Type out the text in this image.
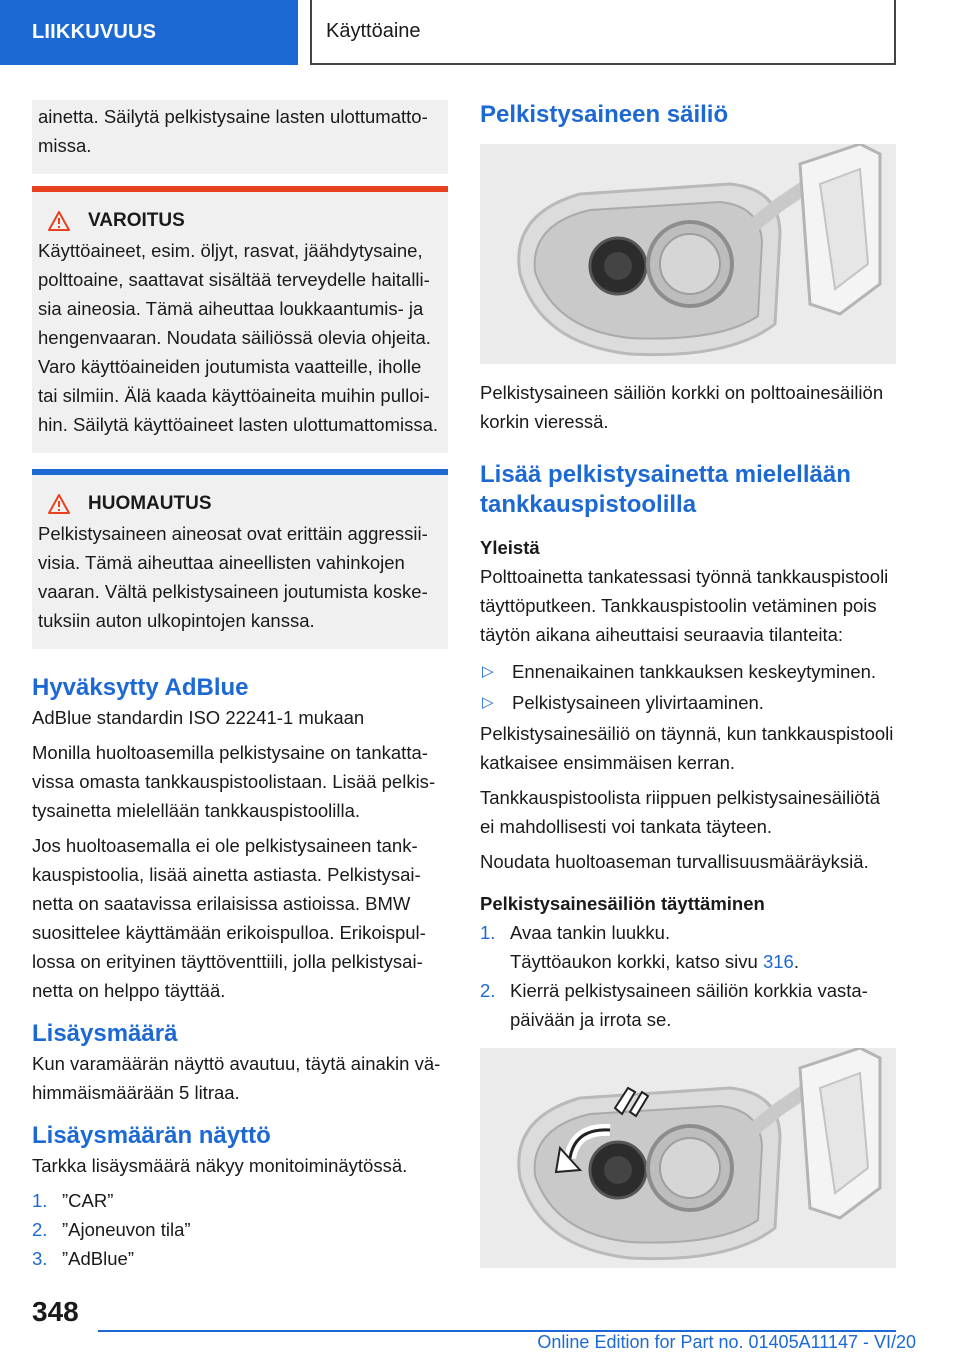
LIIKKUVUUS	Käyttöaine

ainetta. Säilytä pelkistysaine lasten ulottumattomissa.

VAROITUS

Käyttöaineet, esim. öljyt, rasvat, jäähdytysaine, polttoaine, saattavat sisältää terveydelle haitallisia aineosia. Tämä aiheuttaa loukkaantumis- ja hengenvaaran. Noudata säiliössä olevia ohjeita. Varo käyttöaineiden joutumista vaatteille, iholle tai silmiin. Älä kaada käyttöaineita muihin pulloihin. Säilytä käyttöaineet lasten ulottumattomissa.

HUOMAUTUS

Pelkistysaineen aineosat ovat erittäin aggressiivisia. Tämä aiheuttaa aineellisten vahinkojen vaaran. Vältä pelkistysaineen joutumista kosketuksiin auton ulkopintojen kanssa.

Hyväksytty AdBlue

AdBlue standardin ISO 22241-1 mukaan

Monilla huoltoasemilla pelkistysaine on tankattavissa omasta tankkauspistoolistaan. Lisää pelkistysainetta mielellään tankkauspistoolilla.

Jos huoltoasemalla ei ole pelkistysaineen tankkauspistoolia, lisää ainetta astiasta. Pelkistysainetta on saatavissa erilaisissa astioissa. BMW suosittelee käyttämään erikoispulloa. Erikoispullossa on erityinen täyttöventtiili, jolla pelkistysainetta on helppo täyttää.

Lisäysmäärä

Kun varamäärän näyttö avautuu, täytä ainakin vähimmäismäärään 5 litraa.

Lisäysmäärän näyttö

Tarkka lisäysmäärä näkyy monitoiminäytössä.

1. ”CAR”
2. ”Ajoneuvon tila”
3. ”AdBlue”
Pelkistysaineen säiliö

Pelkistysaineen säiliön korkki on polttoainesäiliön korkin vieressä.

Lisää pelkistysainetta mielellään tankkauspistoolilla
Yleistä

Polttoainetta tankatessasi työnnä tankkauspistooli täyttöputkeen. Tankkauspistoolin vetäminen pois täytön aikana aiheuttaisi seuraavia tilanteita:

▷ Ennenaikainen tankkauksen keskeytyminen.
▷ Pelkistysaineen ylivirtaaminen.

Pelkistysainesäiliö on täynnä, kun tankkauspistooli katkaisee ensimmäisen kerran.

Tankkauspistoolista riippuen pelkistysainesäiliötä ei mahdollisesti voi tankata täyteen.

Noudata huoltoaseman turvallisuusmääräyksiä.

Pelkistysainesäiliön täyttäminen
1. Avaa tankin luukku.
Täyttöaukon korkki, katso sivu 316.
2. Kierrä pelkistysaineen säiliön korkkia vastapäivään ja irrota se.
348
Online Edition for Part no. 01405A11147 - VI/20
